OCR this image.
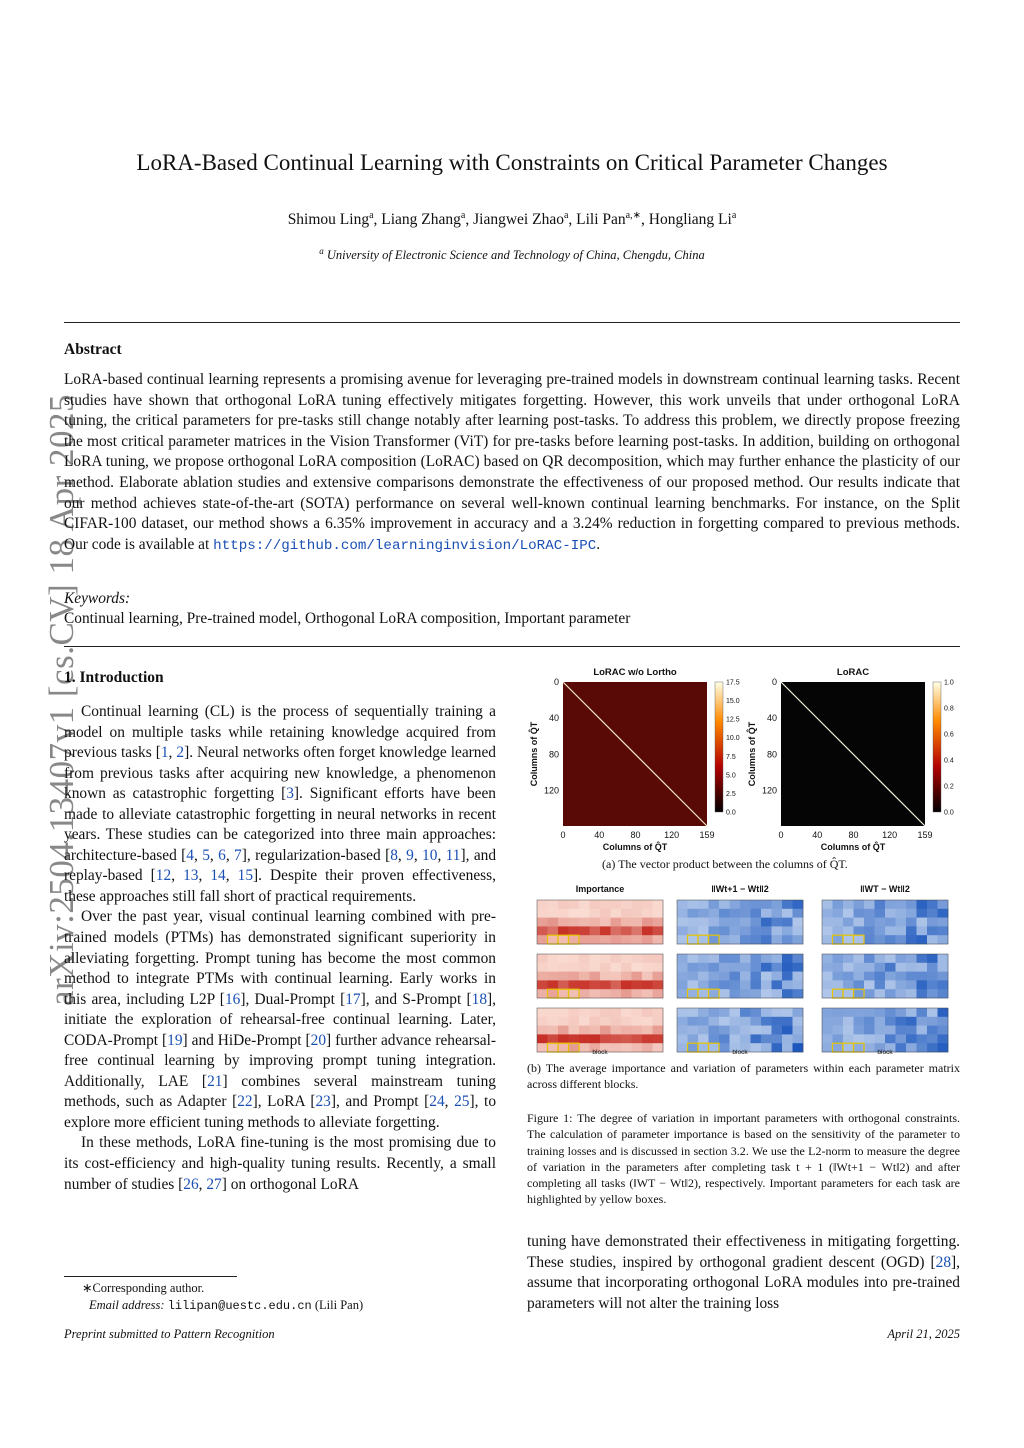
arXiv:2504.13407v1 [cs.CV] 18 Apr 2025
LoRA-Based Continual Learning with Constraints on Critical Parameter Changes
Shimou Ling$^a$, Liang Zhang$^a$, Jiangwei Zhao$^a$, Lili Pan$^{a,∗}$, Hongliang Li$^a$
$^a$ University of Electronic Science and Technology of China, Chengdu, China
Abstract
LoRA-based continual learning represents a promising avenue for leveraging pre-trained models in downstream continual learning tasks. Recent studies have shown that orthogonal LoRA tuning effectively mitigates forgetting. However, this work unveils that under orthogonal LoRA tuning, the critical parameters for pre-tasks still change notably after learning post-tasks. To address this problem, we directly propose freezing the most critical parameter matrices in the Vision Transformer (ViT) for pre-tasks before learning post-tasks. In addition, building on orthogonal LoRA tuning, we propose orthogonal LoRA composition (LoRAC) based on QR decomposition, which may further enhance the plasticity of our method. Elaborate ablation studies and extensive comparisons demonstrate the effectiveness of our proposed method. Our results indicate that our method achieves state-of-the-art (SOTA) performance on several well-known continual learning benchmarks. For instance, on the Split CIFAR-100 dataset, our method shows a 6.35% improvement in accuracy and a 3.24% reduction in forgetting compared to previous methods. Our code is available at https://github.com/learninginvision/LoRAC-IPC.
Keywords:
Continual learning, Pre-trained model, Orthogonal LoRA composition, Important parameter
1. Introduction

Continual learning (CL) is the process of sequentially training a model on multiple tasks while retaining knowledge acquired from previous tasks [1, 2]. Neural networks often forget knowledge learned from previous tasks after acquiring new knowledge, a phenomenon known as catastrophic forgetting [3]. Significant efforts have been made to alleviate catastrophic forgetting in neural networks in recent years. These studies can be categorized into three main approaches: architecture-based [4, 5, 6, 7], regularization-based [8, 9, 10, 11], and replay-based [12, 13, 14, 15]. Despite their proven effectiveness, these approaches still fall short of practical requirements.

Over the past year, visual continual learning combined with pre-trained models (PTMs) has demonstrated significant superiority in alleviating forgetting. Prompt tuning has become the most common method to integrate PTMs with continual learning. Early works in this area, including L2P [16], Dual-Prompt [17], and S-Prompt [18], initiate the exploration of rehearsal-free continual learning. Later, CODA-Prompt [19] and HiDe-Prompt [20] further advance rehearsal-free continual learning by improving prompt tuning integration. Additionally, LAE [21] combines several mainstream tuning methods, such as Adapter [22], LoRA [23], and Prompt [24, 25], to explore more efficient tuning methods to alleviate forgetting.

In these methods, LoRA fine-tuning is the most promising due to its cost-efficiency and high-quality tuning results. Recently, a small number of studies [26, 27] on orthogonal LoRA

LoRAC w/o Lortho
0	40	80	120 159
0
40
80
120
Columns of Q̂T
Columns of Q̂T
17.5
15.0
12.5
10.0
7.5
5.0
2.5
0.0
LoRAC
0	40	80	120 159
0
40
80
120
Columns of Q̂T
Columns of Q̂T
1.0
0.8
0.6
0.4
0.2
0.0
Importance	‖Wt+1 − Wt‖2	‖WT − Wt‖2
block	block	block
(a) The vector product between the columns of Q̂T.
(b) The average importance and variation of parameters within each parameter matrix across different blocks.
Figure 1: The degree of variation in important parameters with orthogonal constraints. The calculation of parameter importance is based on the sensitivity of the parameter to training losses and is discussed in section 3.2. We use the L2-norm to measure the degree of variation in the parameters after completing task t + 1 (‖Wt+1 − Wt‖2) and after completing all tasks (‖WT − Wt‖2), respectively. Important parameters for each task are highlighted by yellow boxes.
tuning have demonstrated their effectiveness in mitigating forgetting. These studies, inspired by orthogonal gradient descent (OGD) [28], assume that incorporating orthogonal LoRA modules into pre-trained parameters will not alter the training loss
∗Corresponding author.
Email address: lilipan@uestc.edu.cn (Lili Pan)
Preprint submitted to Pattern Recognition	April 21, 2025
